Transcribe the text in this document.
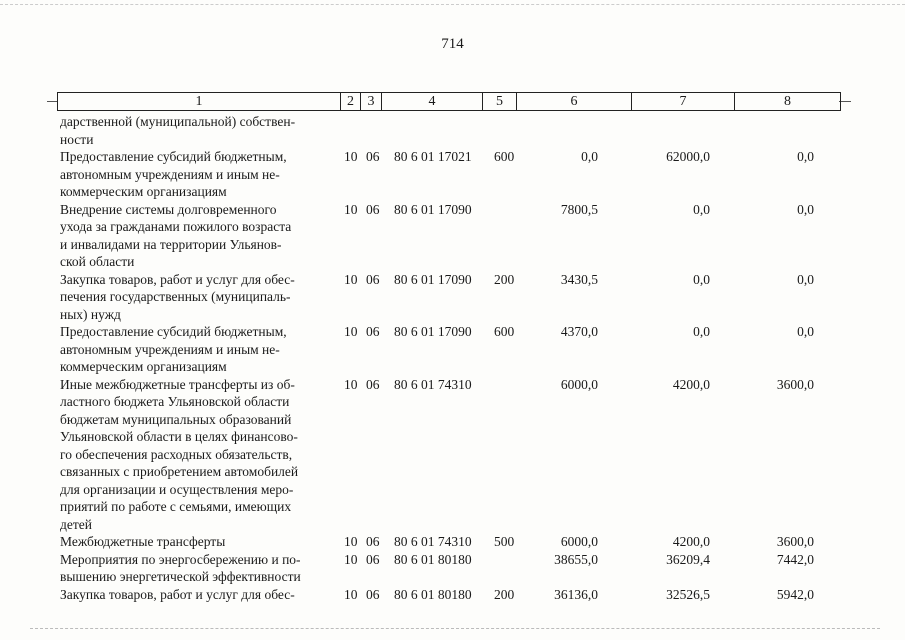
714
1	2 3	4	5	6	7	8
дарственной (муниципальной) собствен-
ности
Предоставление субсидий бюджетным,
автономным учреждениям и иным не-
коммерческим организациям
10 06 80 6 01 17021 600	0,0	62000,0	0,0
Внедрение системы долговременного
ухода за гражданами пожилого возраста
и инвалидами на территории Ульянов-
ской области
10 06 80 6 01 17090	7800,5	0,0	0,0
Закупка товаров, работ и услуг для обес-
печения государственных (муниципаль-
ных) нужд
10 06 80 6 01 17090 200	3430,5	0,0	0,0
Предоставление субсидий бюджетным,
автономным учреждениям и иным не-
коммерческим организациям
10 06 80 6 01 17090 600	4370,0	0,0	0,0
Иные межбюджетные трансферты из об-
ластного бюджета Ульяновской области
бюджетам муниципальных образований
Ульяновской области в целях финансово-
го обеспечения расходных обязательств,
связанных с приобретением автомобилей
для организации и осуществления меро-
приятий по работе с семьями, имеющих
детей
10 06 80 6 01 74310	6000,0	4200,0	3600,0
Межбюджетные трансферты	10 06 80 6 01 74310 500	6000,0	4200,0	3600,0
Мероприятия по энергосбережению и по-
вышению энергетической эффективности
10 06 80 6 01 80180	38655,0	36209,4	7442,0
Закупка товаров, работ и услуг для обес-	10 06 80 6 01 80180 200	36136,0	32526,5	5942,0
